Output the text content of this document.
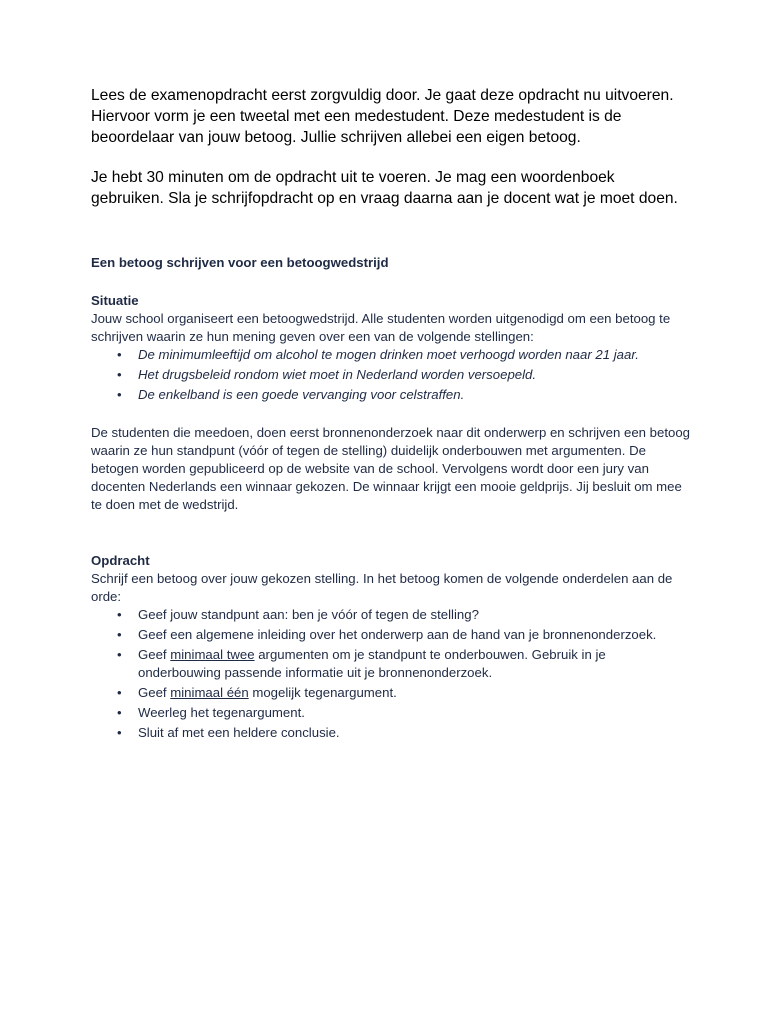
Lees de examenopdracht eerst zorgvuldig door. Je gaat deze opdracht nu uitvoeren. Hiervoor vorm je een tweetal met een medestudent. Deze medestudent is de beoordelaar van jouw betoog. Jullie schrijven allebei een eigen betoog.

Je hebt 30 minuten om de opdracht uit te voeren. Je mag een woordenboek gebruiken. Sla je schrijfopdracht op en vraag daarna aan je docent wat je moet doen.

Een betoog schrijven voor een betoogwedstrijd

Situatie

Jouw school organiseert een betoogwedstrijd. Alle studenten worden uitgenodigd om een betoog te schrijven waarin ze hun mening geven over een van de volgende stellingen:

• De minimumleeftijd om alcohol te mogen drinken moet verhoogd worden naar 21 jaar.
• Het drugsbeleid rondom wiet moet in Nederland worden versoepeld.
• De enkelband is een goede vervanging voor celstraffen.

De studenten die meedoen, doen eerst bronnenonderzoek naar dit onderwerp en schrijven een betoog waarin ze hun standpunt (vóór of tegen de stelling) duidelijk onderbouwen met argumenten. De betogen worden gepubliceerd op de website van de school. Vervolgens wordt door een jury van docenten Nederlands een winnaar gekozen. De winnaar krijgt een mooie geldprijs. Jij besluit om mee te doen met de wedstrijd.

Opdracht

Schrijf een betoog over jouw gekozen stelling. In het betoog komen de volgende onderdelen aan de orde:

• Geef jouw standpunt aan: ben je vóór of tegen de stelling?
• Geef een algemene inleiding over het onderwerp aan de hand van je bronnenonderzoek.
• Geef minimaal twee argumenten om je standpunt te onderbouwen. Gebruik in je onderbouwing passende informatie uit je bronnenonderzoek.
• Geef minimaal één mogelijk tegenargument.
• Weerleg het tegenargument.
• Sluit af met een heldere conclusie.
